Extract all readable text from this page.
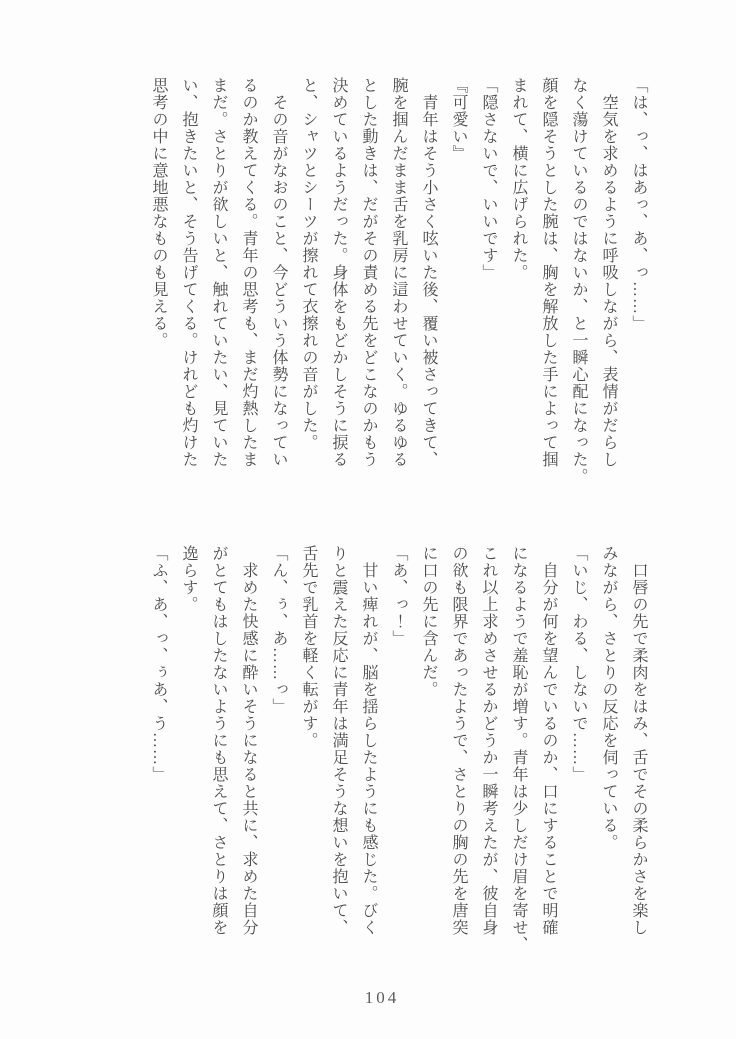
「は、っ、はあっ、あ、っ……」

空気を求めるように呼吸しながら、表情がだらし

なく蕩けているのではないか、と一瞬心配になった。

顔を隠そうとした腕は、胸を解放した手によって掴

まれて、横に広げられた。

「隠さないで、いいです」

『可愛い』

青年はそう小さく呟いた後、覆い被さってきて、

腕を掴んだまま舌を乳房に這わせていく。ゆるゆる

とした動きは、だがその責める先をどこなのかもう

決めているようだった。身体をもどかしそうに捩る

と、シャツとシーツが擦れて衣擦れの音がした。

その音がなおのこと、今どういう体勢になってい

るのか教えてくる。青年の思考も、まだ灼熱したま

まだ。さとりが欲しいと、触れていたい、見ていた

い、抱きたいと、そう告げてくる。けれども灼けた

思考の中に意地悪なものも見える。

口唇の先で柔肉をはみ、舌でその柔らかさを楽し

みながら、さとりの反応を伺っている。

「いじ、わる、しないで……」

自分が何を望んでいるのか、口にすることで明確

になるようで羞恥が増す。青年は少しだけ眉を寄せ、

これ以上求めさせるかどうか一瞬考えたが、彼自身

の欲も限界であったようで、さとりの胸の先を唐突

に口の先に含んだ。

「あ、っ！」

甘い痺れが、脳を揺らしたようにも感じた。びく

りと震えた反応に青年は満足そうな想いを抱いて、

舌先で乳首を軽く転がす。

「ん、ぅ、あ……っ」

求めた快感に酔いそうになると共に、求めた自分

がとてもはしたないようにも思えて、さとりは顔を

逸らす。

「ふ、あ、っ、ぅあ、う……」

104
